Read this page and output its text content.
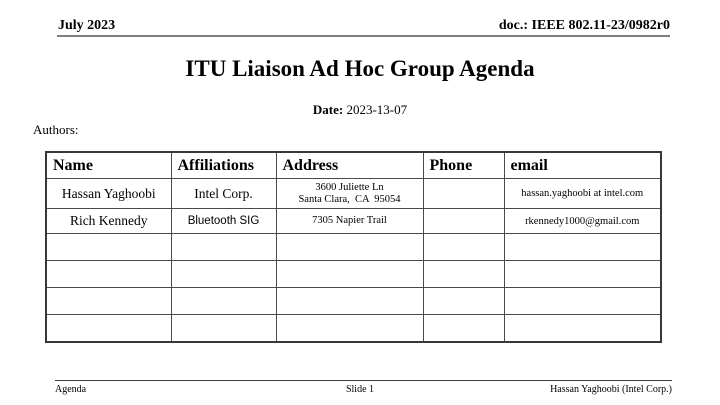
July 2023	doc.: IEEE 802.11-23/0982r0
ITU Liaison Ad Hoc Group Agenda
Date: 2023-13-07
Authors:
Name	Affiliations	Address	Phone	email
Hassan Yaghoobi	Intel Corp.	3600 Juliette Ln
Santa Clara,  CA  95054		hassan.yaghoobi at intel.com
Rich Kennedy	Bluetooth SIG	7305 Napier Trail		rkennedy1000@gmail.com

Agenda	Slide 1	Hassan Yaghoobi (Intel Corp.)
